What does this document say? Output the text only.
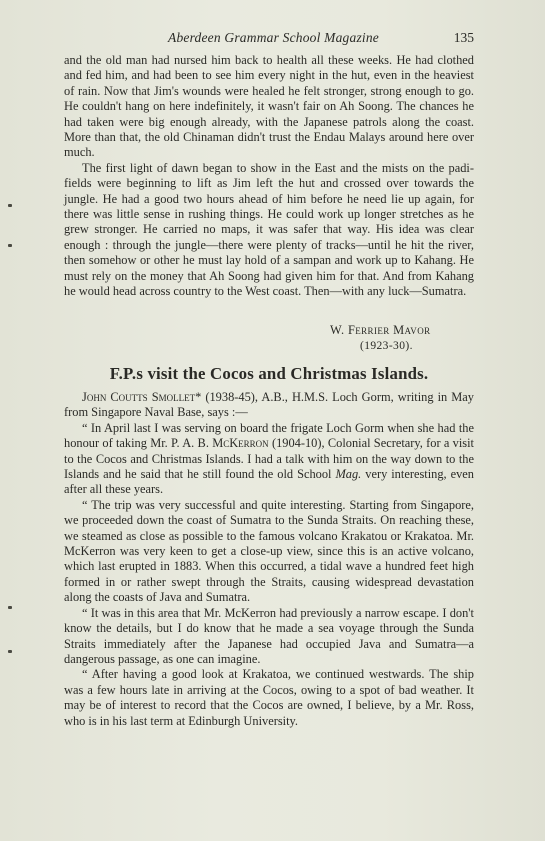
Aberdeen Grammar School Magazine	135

and the old man had nursed him back to health all these weeks. He had clothed and fed him, and had been to see him every night in the hut, even in the heaviest of rain. Now that Jim's wounds were healed he felt stronger, strong enough to go. He couldn't hang on here indefinitely, it wasn't fair on Ah Soong. The chances he had taken were big enough already, with the Japanese patrols along the coast. More than that, the old Chinaman didn't trust the Endau Malays around here over much.

The first light of dawn began to show in the East and the mists on the padi-fields were beginning to lift as Jim left the hut and crossed over towards the jungle. He had a good two hours ahead of him before he need lie up again, for there was little sense in rushing things. He could work up longer stretches as he grew stronger. He carried no maps, it was safer that way. His idea was clear enough : through the jungle—there were plenty of tracks—until he hit the river, then somehow or other he must lay hold of a sampan and work up to Kahang. He must rely on the money that Ah Soong had given him for that. And from Kahang he would head across country to the West coast. Then—with any luck—Sumatra.

W. Ferrier Mavor
(1923-30).
F.P.s visit the Cocos and Christmas Islands.

John Coutts Smollet* (1938-45), A.B., H.M.S. Loch Gorm, writing in May from Singapore Naval Base, says :—

“ In April last I was serving on board the frigate Loch Gorm when she had the honour of taking Mr. P. A. B. McKerron (1904-10), Colonial Secretary, for a visit to the Cocos and Christmas Islands. I had a talk with him on the way down to the Islands and he said that he still found the old School Mag. very interesting, even after all these years.

“ The trip was very successful and quite interesting. Starting from Singapore, we proceeded down the coast of Sumatra to the Sunda Straits. On reaching these, we steamed as close as possible to the famous volcano Krakatou or Krakatoa. Mr. McKerron was very keen to get a close-up view, since this is an active volcano, which last erupted in 1883. When this occurred, a tidal wave a hundred feet high formed in or rather swept through the Straits, causing widespread devastation along the coasts of Java and Sumatra.

“ It was in this area that Mr. McKerron had previously a narrow escape. I don't know the details, but I do know that he made a sea voyage through the Sunda Straits immediately after the Japanese had occupied Java and Sumatra—a dangerous passage, as one can imagine.

“ After having a good look at Krakatoa, we continued westwards. The ship was a few hours late in arriving at the Cocos, owing to a spot of bad weather. It may be of interest to record that the Cocos are owned, I believe, by a Mr. Ross, who is in his last term at Edinburgh University.
